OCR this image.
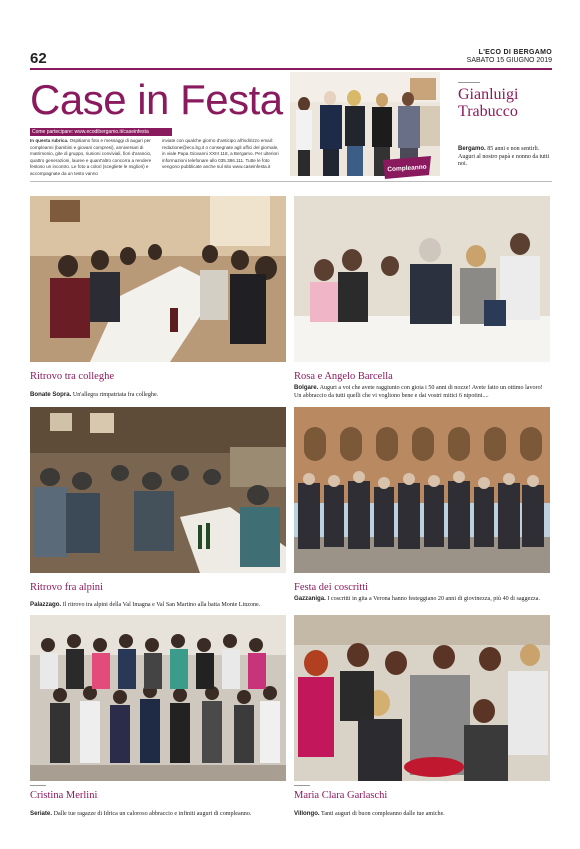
62	L'ECO DI BERGAMO
SABATO 15 GIUGNO 2019
Case in Festa
Come partecipare: www.ecodibergamo.it/caseinfesta
In questa rubrica. Ospitiamo foto e messaggi di auguri per compleanni (bambini e giovani compresi), anniversari di matrimonio, gite di gruppo, riunioni conviviali, fiori d'arancio, quattro generazioni, lauree e quant'altro concorra a rendere festoso un incontro. Le foto a colori (scegliete le migliori) e accompagnate da un testo vanno
inviate con qualche giorno d'anticipo all'indirizzo email: redazione@eco.bg.it o consegnate agli uffici del giornale, in viale Papa Giovanni XXIII 118, a Bergamo. Per ulteriori informazioni telefonare allo 035.386.111. Tutte le foto vengono pubblicate anche sul sito www.caseinfesta.it	Compleanno
Gianluigi Trabucco
Bergamo. 85 anni e non sentirli. Auguri al nostro papà e nonno da tutti noi.
Ritrovo tra colleghe
Bonate Sopra. Un'allegra rimpatriata fra colleghe.
Rosa e Angelo Barcella
Bolgare. Auguri a voi che avete raggiunto con gioia i 50 anni di nozze! Avete fatto un ottimo lavoro! Un abbraccio da tutti quelli che vi vogliono bene e dai vostri mitici 6 nipotini....
Ritrovo fra alpini
Palazzago. Il ritrovo tra alpini della Val Imagna e Val San Martino alla baita Monte Linzone.
Festa dei coscritti
Gazzaniga. I coscritti in gita a Verona hanno festeggiano 20 anni di giovinezza, più 40 di saggezza.
Cristina Merlini
Seriate. Dalle tue ragazze di Idrica un caloroso abbraccio e infiniti auguri di compleanno.
Maria Clara Garlaschi
Villongo. Tanti auguri di buon compleanno dalle tue amiche.
